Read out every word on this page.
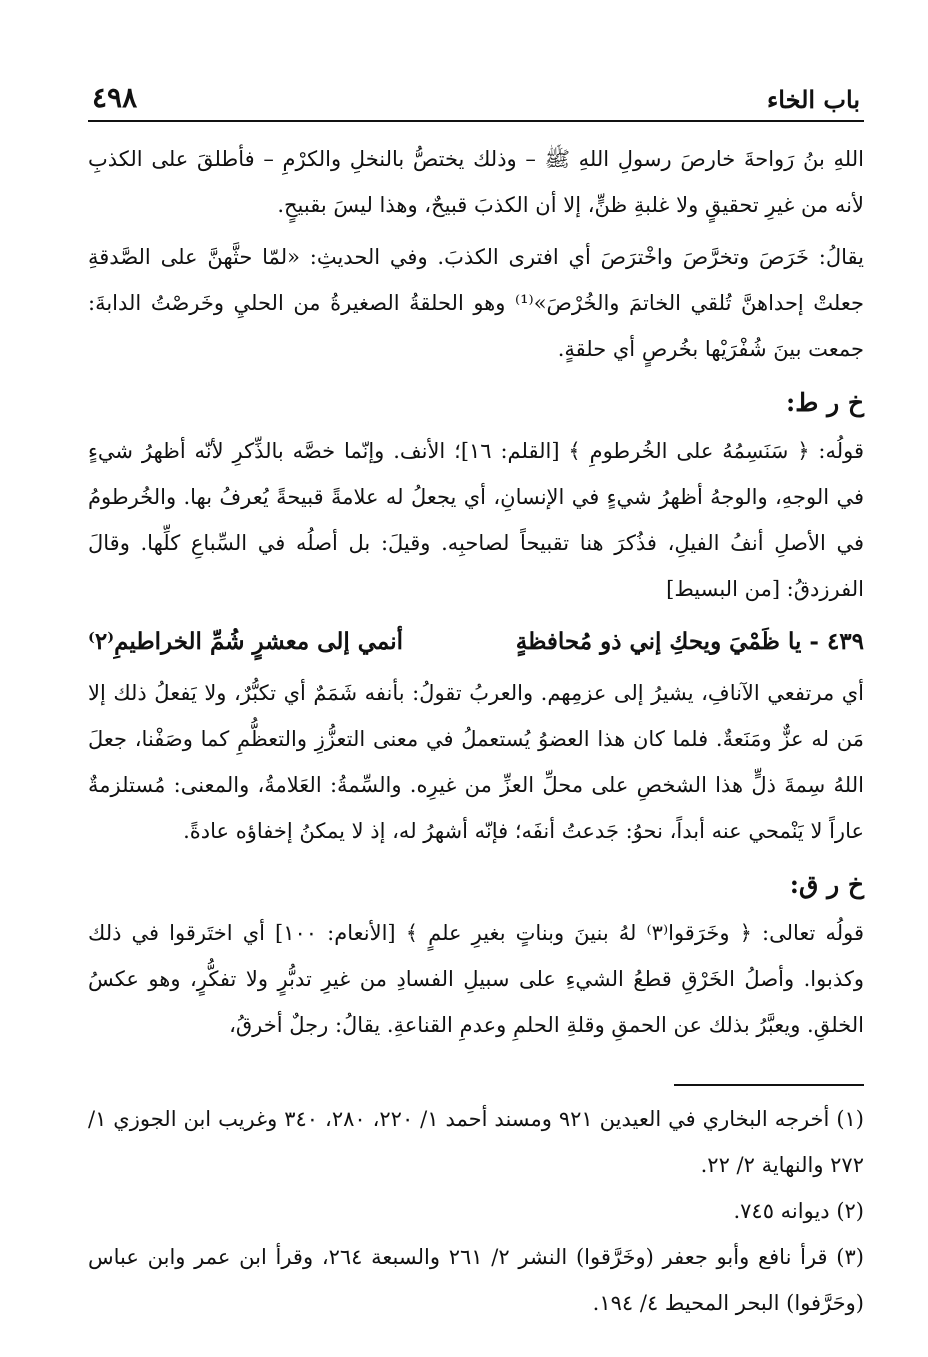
باب الخاء
٤٩٨

اللهِ بنُ رَواحةَ خارصَ رسولِ اللهِ ﷺ – وذلك يختصُّ بالنخلِ والكرْمِ – فأطلقَ على الكذبِ لأنه من غيرِ تحقيقٍ ولا غلبةِ ظنٍّ، إلا أن الكذبَ قبيحٌ، وهذا ليسَ بقبيحٍ.

يقالُ: خَرَصَ وتخرَّصَ واخْترَصَ أي افترى الكذبَ. وفي الحديثِ: «لمّا حثَّهنَّ على الصَّدقةِ جعلتْ إحداهنَّ تُلقي الخاتمَ والخُرْصَ»⁽¹⁾ وهو الحلقةُ الصغيرةُ من الحليِ وخَرصْتُ الدابةَ: جمعت بينَ شُفْرَيْها بخُرصٍ أي حلقةٍ.

خ ر ط:

قولُه: ﴿ سَنَسِمُهُ على الخُرطومِ ﴾ [القلم: ١٦]؛ الأنف. وإنّما خصَّه بالذِّكرِ لأنّه أظهرُ شيءٍ في الوجهِ، والوجهُ أظهرُ شيءٍ في الإنسانِ، أي يجعلُ له علامةً قبيحةً يُعرفُ بها. والخُرطومُ في الأصلِ أنفُ الفيلِ، فذُكرَ هنا تقبيحاً لصاحبِه. وقيلَ: بل أصلُه في السِّباعِ كلِّها. وقالَ الفرزدقُ: [من البسيط]

٤٣٩ - يا ظَمْيَ ويحكِ إني ذو مُحافظةٍ
أنمي إلى معشرٍ شُمِّ الخراطيمِ⁽٢⁾

أي مرتفعي الآنافِ، يشيرُ إلى عزمِهم. والعربُ تقولُ: بأنفه شَمَمٌ أي تكبُّرٌ، ولا يَفعلُ ذلك إلا مَن له عزٌّ ومَنَعةٌ. فلما كان هذا العضوُ يُستعملُ في معنى التعزُّزِ والتعظُّمِ كما وصَفْنا، جعلَ اللهُ سِمةَ ذلٍّ هذا الشخصِ على محلِّ العزِّ من غيرِه. والسِّمةُ: العَلامةُ، والمعنى: مُستلزمةٌ عاراً لا يَنْمحي عنه أبداً، نحوُ: جَدعتُ أنفَه؛ فإنّه أشهرُ له، إذ لا يمكنُ إخفاؤه عادةً.

خ ر ق:

قولُه تعالى: ﴿ وخَرَقوا⁽٣⁾ لهُ بنينَ وبناتٍ بغيرِ علمٍ ﴾ [الأنعام: ١٠٠] أي اختَرقوا في ذلك وكذبوا. وأصلُ الخَرْقِ قطعُ الشيءِ على سبيلِ الفسادِ من غيرِ تدبُّرٍ ولا تفكُّرٍ، وهو عكسُ الخلقِ. ويعبَّرُ بذلك عن الحمقِ وقلةِ الحلمِ وعدمِ القناعةِ. يقالُ: رجلٌ أخرقُ،

(١) أخرجه البخاري في العيدين ٩٢١ ومسند أحمد ١/ ٢٢٠، ٢٨٠، ٣٤٠ وغريب ابن الجوزي ١/ ٢٧٢ والنهاية ٢/ ٢٢.

(٢) ديوانه ٧٤٥.

(٣) قرأ نافع وأبو جعفر (وخَرَّقوا) النشر ٢/ ٢٦١ والسبعة ٢٦٤، وقرأ ابن عمر وابن عباس (وحَرَّفوا) البحر المحيط ٤/ ١٩٤.
